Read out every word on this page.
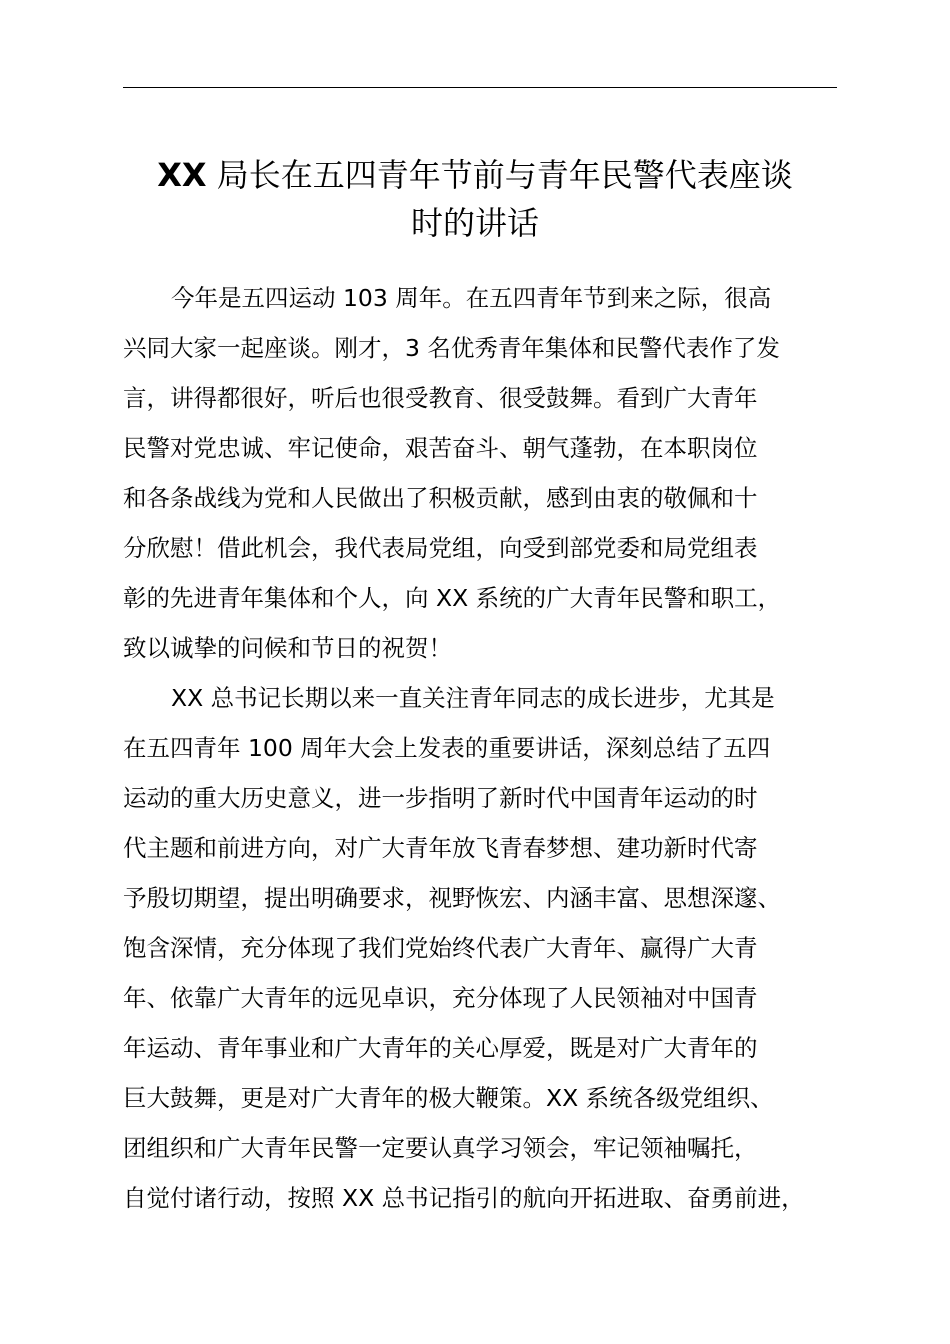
XX 局长在五四青年节前与青年民警代表座谈
时的讲话
今年是五四运动 103 周年。在五四青年节到来之际，很高
兴同大家一起座谈。刚才，3 名优秀青年集体和民警代表作了发
言，讲得都很好，听后也很受教育、很受鼓舞。看到广大青年
民警对党忠诚、牢记使命，艰苦奋斗、朝气蓬勃，在本职岗位
和各条战线为党和人民做出了积极贡献，感到由衷的敬佩和十
分欣慰！借此机会，我代表局党组，向受到部党委和局党组表
彰的先进青年集体和个人，向 XX 系统的广大青年民警和职工，
致以诚挚的问候和节日的祝贺！
XX 总书记长期以来一直关注青年同志的成长进步，尤其是
在五四青年 100 周年大会上发表的重要讲话，深刻总结了五四
运动的重大历史意义，进一步指明了新时代中国青年运动的时
代主题和前进方向，对广大青年放飞青春梦想、建功新时代寄
予殷切期望，提出明确要求，视野恢宏、内涵丰富、思想深邃、
饱含深情，充分体现了我们党始终代表广大青年、赢得广大青
年、依靠广大青年的远见卓识，充分体现了人民领袖对中国青
年运动、青年事业和广大青年的关心厚爱，既是对广大青年的
巨大鼓舞，更是对广大青年的极大鞭策。XX 系统各级党组织、
团组织和广大青年民警一定要认真学习领会，牢记领袖嘱托，
自觉付诸行动，按照 XX 总书记指引的航向开拓进取、奋勇前进，
